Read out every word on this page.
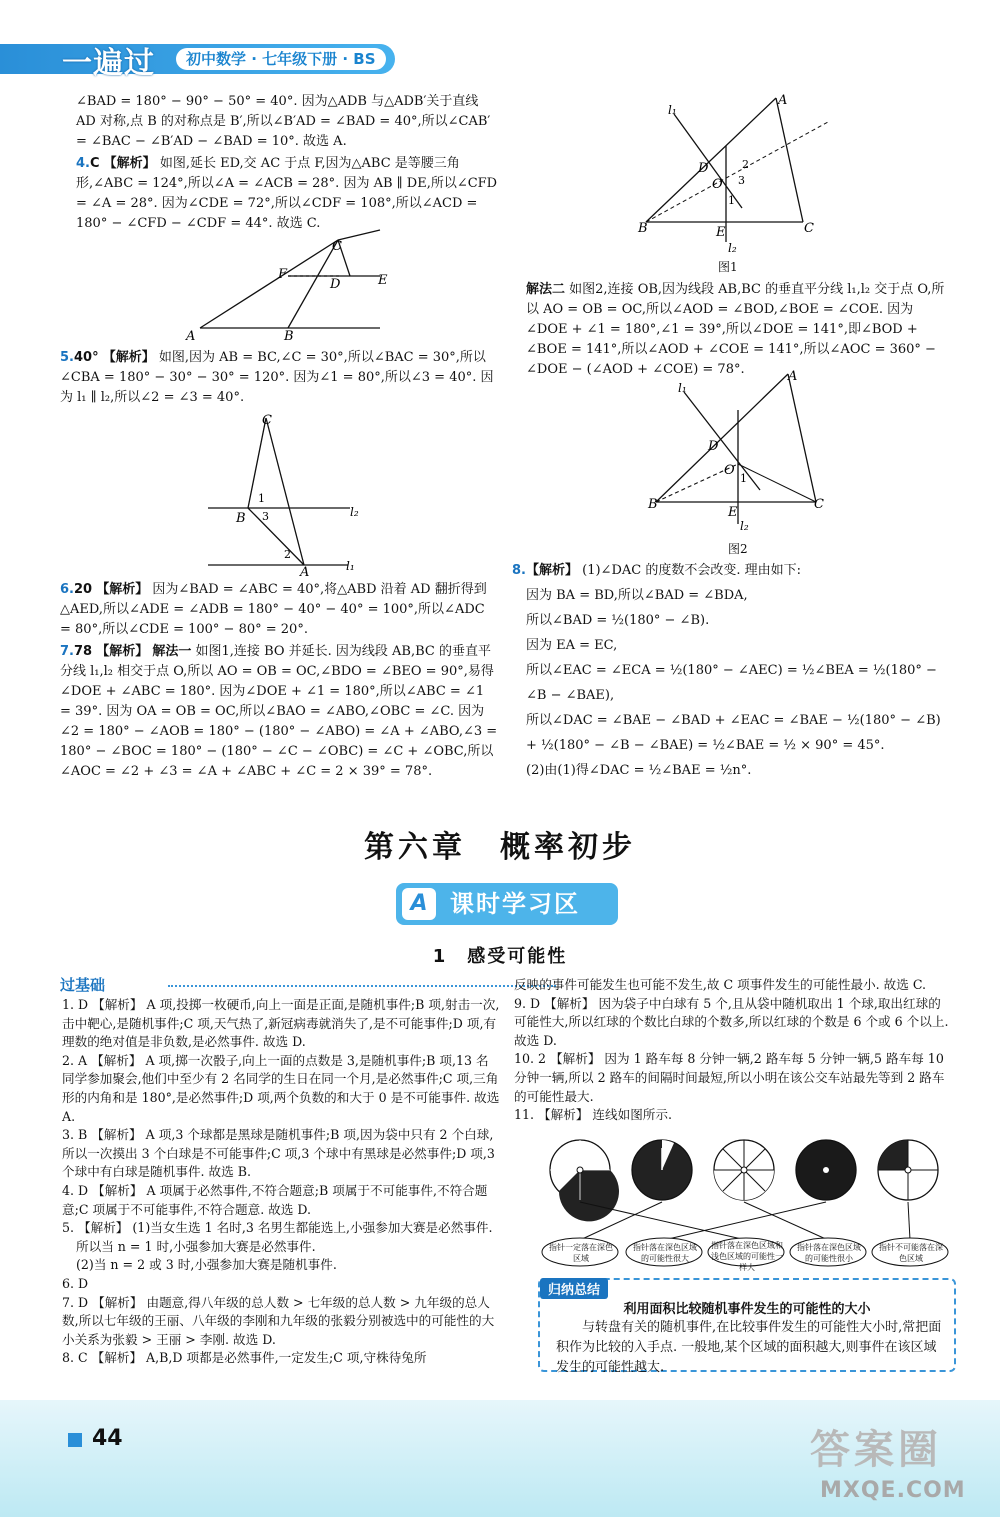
一遍过	初中数学 · 七年级下册 · BS

∠BAD = 180° − 90° − 50° = 40°. 因为△ADB 与△ADB′关于直线 AD 对称,点 B 的对称点是 B′,所以∠B′AD = ∠BAD = 40°,所以∠CAB′ = ∠BAC − ∠B′AD − ∠BAD = 10°. 故选 A.

4.C 【解析】 如图,延长 ED,交 AC 于点 F,因为△ABC 是等腰三角形,∠ABC = 124°,所以∠A = ∠ACB = 28°. 因为 AB ∥ DE,所以∠CFD = ∠A = 28°. 因为∠CDE = 72°,所以∠CDF = 108°,所以∠ACD = 180° − ∠CFD − ∠CDF = 44°. 故选 C.

A	B
C
D
F	E

5.40° 【解析】 如图,因为 AB = BC,∠C = 30°,所以∠BAC = 30°,所以∠CBA = 180° − 30° − 30° = 120°. 因为∠1 = 80°,所以∠3 = 40°. 因为 l₁ ∥ l₂,所以∠2 = ∠3 = 40°.

C
B
A
1
3
2
l₂
l₁

6.20 【解析】 因为∠BAD = ∠ABC = 40°,将△ABD 沿着 AD 翻折得到△AED,所以∠ADE = ∠ADB = 180° − 40° − 40° = 100°,所以∠ADC = 80°,所以∠CDE = 100° − 80° = 20°.

7.78 【解析】 解法一 如图1,连接 BO 并延长. 因为线段 AB,BC 的垂直平分线 l₁,l₂ 相交于点 O,所以 AO = OB = OC,∠BDO = ∠BEO = 90°,易得∠DOE + ∠ABC = 180°. 因为∠DOE + ∠1 = 180°,所以∠ABC = ∠1 = 39°. 因为 OA = OB = OC,所以∠BAO = ∠ABO,∠OBC = ∠C. 因为∠2 = 180° − ∠AOB = 180° − (180° − ∠ABO) = ∠A + ∠ABO,∠3 = 180° − ∠BOC = 180° − (180° − ∠C − ∠OBC) = ∠C + ∠OBC,所以∠AOC = ∠2 + ∠3 = ∠A + ∠ABC + ∠C = 2 × 39° = 78°.

l₁
A
B	C
D
O
E
l₂
2
3
1
图1

解法二 如图2,连接 OB,因为线段 AB,BC 的垂直平分线 l₁,l₂ 交于点 O,所以 AO = OB = OC,所以∠AOD = ∠BOD,∠BOE = ∠COE. 因为∠DOE + ∠1 = 180°,∠1 = 39°,所以∠DOE = 141°,即∠BOD + ∠BOE = 141°,所以∠AOD + ∠COE = 141°,所以∠AOC = 360° − ∠DOE − (∠AOD + ∠COE) = 78°.

l₁
A
B	C
D
O
E
l₂
1
图2

8.【解析】 (1)∠DAC 的度数不会改变. 理由如下:

因为 BA = BD,所以∠BAD = ∠BDA,

所以∠BAD = ½(180° − ∠B).

因为 EA = EC,

所以∠EAC = ∠ECA = ½(180° − ∠AEC) = ½∠BEA = ½(180° − ∠B − ∠BAE),

所以∠DAC = ∠BAE − ∠BAD + ∠EAC = ∠BAE − ½(180° − ∠B) + ½(180° − ∠B − ∠BAE) = ½∠BAE = ½ × 90° = 45°.

(2)由(1)得∠DAC = ½∠BAE = ½n°.

第六章　概率初步
A 课时学习区
1　感受可能性
过基础

1. D 【解析】 A 项,投掷一枚硬币,向上一面是正面,是随机事件;B 项,射击一次,击中靶心,是随机事件;C 项,天气热了,新冠病毒就消失了,是不可能事件;D 项,有理数的绝对值是非负数,是必然事件. 故选 D.

2. A 【解析】 A 项,掷一次骰子,向上一面的点数是 3,是随机事件;B 项,13 名同学参加聚会,他们中至少有 2 名同学的生日在同一个月,是必然事件;C 项,三角形的内角和是 180°,是必然事件;D 项,两个负数的和大于 0 是不可能事件. 故选 A.

3. B 【解析】 A 项,3 个球都是黑球是随机事件;B 项,因为袋中只有 2 个白球,所以一次摸出 3 个白球是不可能事件;C 项,3 个球中有黑球是必然事件;D 项,3 个球中有白球是随机事件. 故选 B.

4. D 【解析】 A 项属于必然事件,不符合题意;B 项属于不可能事件,不符合题意;C 项属于不可能事件,不符合题意. 故选 D.

5. 【解析】 (1)当女生选 1 名时,3 名男生都能选上,小强参加大赛是必然事件.

所以当 n = 1 时,小强参加大赛是必然事件.

(2)当 n = 2 或 3 时,小强参加大赛是随机事件.

6. D

7. D 【解析】 由题意,得八年级的总人数 > 七年级的总人数 > 九年级的总人数,所以七年级的王丽、八年级的李刚和九年级的张毅分别被选中的可能性的大小关系为张毅 > 王丽 > 李刚. 故选 D.

8. C 【解析】 A,B,D 项都是必然事件,一定发生;C 项,守株待兔所

反映的事件可能发生也可能不发生,故 C 项事件发生的可能性最小. 故选 C.

9. D 【解析】 因为袋子中白球有 5 个,且从袋中随机取出 1 个球,取出红球的可能性大,所以红球的个数比白球的个数多,所以红球的个数是 6 个或 6 个以上. 故选 D.

10. 2 【解析】 因为 1 路车每 8 分钟一辆,2 路车每 5 分钟一辆,5 路车每 10 分钟一辆,所以 2 路车的间隔时间最短,所以小明在该公交车站最先等到 2 路车的可能性最大.

11. 【解析】 连线如图所示.

指针一定落在深色区域
指针落在深色区域的可能性很大
指针落在深色区域和浅色区域的可能性一样大
指针落在深色区域的可能性很小
指针不可能落在深色区域
归纳总结
利用面积比较随机事件发生的可能性的大小
与转盘有关的随机事件,在比较事件发生的可能性大小时,常把面积作为比较的入手点. 一般地,某个区域的面积越大,则事件在该区域发生的可能性越大.
44	答案圈
MXQE.COM
